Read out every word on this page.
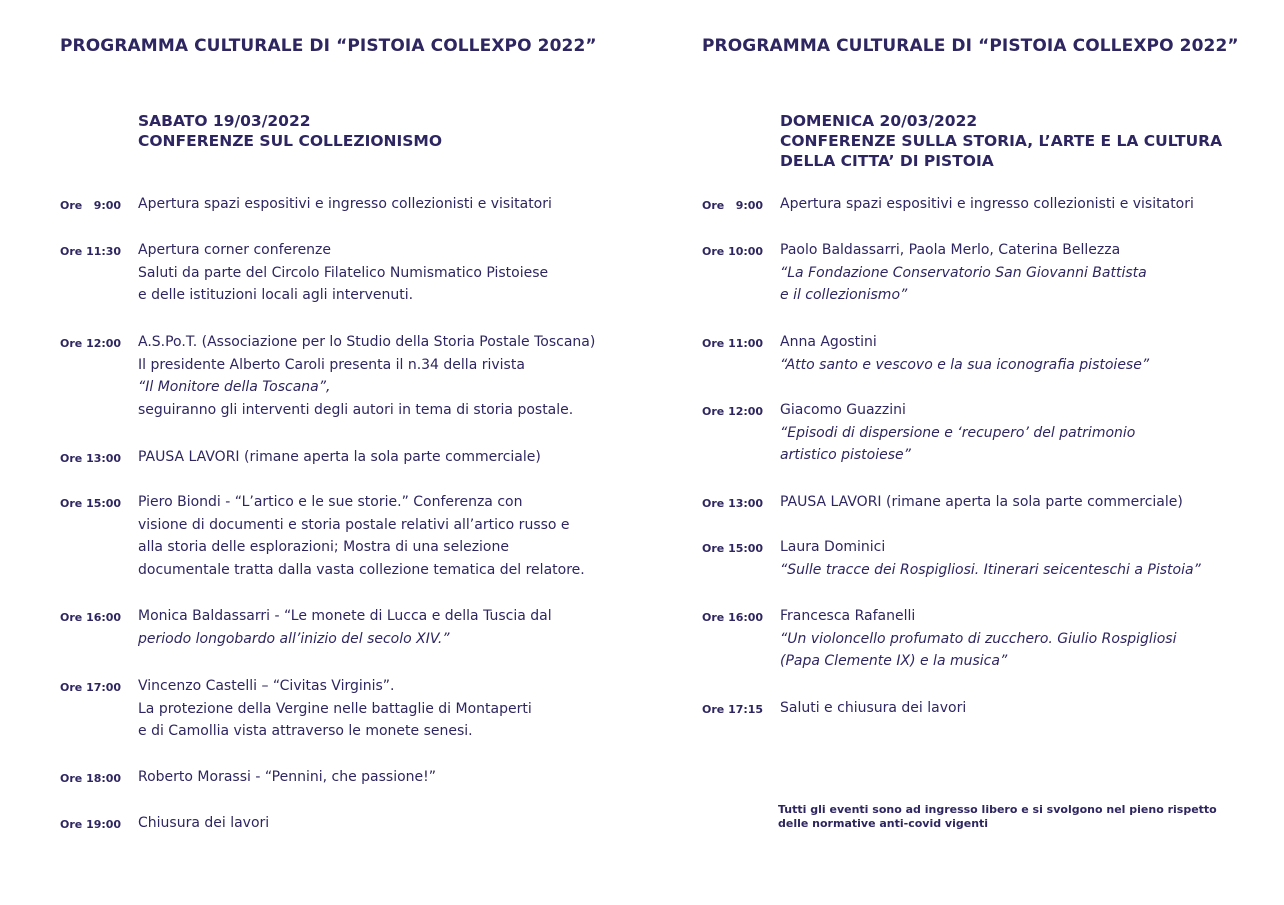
PROGRAMMA CULTURALE DI “PISTOIA COLLEXPO 2022”
SABATO 19/03/2022
CONFERENZE SUL COLLEZIONISMO
Ore   9:00 Apertura spazi espositivi e ingresso collezionisti e visitatori
Ore 11:30 Apertura corner conferenze
Saluti da parte del Circolo Filatelico Numismatico Pistoiese
e delle istituzioni locali agli intervenuti.
Ore 12:00 A.S.Po.T. (Associazione per lo Studio della Storia Postale Toscana)
Il presidente Alberto Caroli presenta il n.34 della rivista
“Il Monitore della Toscana”,
seguiranno gli interventi degli autori in tema di storia postale.
Ore 13:00 PAUSA LAVORI (rimane aperta la sola parte commerciale)
Ore 15:00 Piero Biondi - “L’artico e le sue storie.” Conferenza con
visione di documenti e storia postale relativi all’artico russo e
alla storia delle esplorazioni; Mostra di una selezione
documentale tratta dalla vasta collezione tematica del relatore.
Ore 16:00 Monica Baldassarri - “Le monete di Lucca e della Tuscia dal
periodo longobardo all’inizio del secolo XIV.”
Ore 17:00 Vincenzo Castelli – “Civitas Virginis”.
La protezione della Vergine nelle battaglie di Montaperti
e di Camollia vista attraverso le monete senesi.
Ore 18:00 Roberto Morassi - “Pennini, che passione!”
Ore 19:00 Chiusura dei lavori
PROGRAMMA CULTURALE DI “PISTOIA COLLEXPO 2022”
DOMENICA 20/03/2022
CONFERENZE SULLA STORIA, L’ARTE E LA CULTURA
DELLA CITTA’ DI PISTOIA
Ore   9:00 Apertura spazi espositivi e ingresso collezionisti e visitatori
Ore 10:00 Paolo Baldassarri, Paola Merlo, Caterina Bellezza
“La Fondazione Conservatorio San Giovanni Battista
e il collezionismo”
Ore 11:00 Anna Agostini
“Atto santo e vescovo e la sua iconografia pistoiese”
Ore 12:00 Giacomo Guazzini
“Episodi di dispersione e ‘recupero’ del patrimonio
artistico pistoiese”
Ore 13:00 PAUSA LAVORI (rimane aperta la sola parte commerciale)
Ore 15:00 Laura Dominici
“Sulle tracce dei Rospigliosi. Itinerari seicenteschi a Pistoia”
Ore 16:00 Francesca Rafanelli
“Un violoncello profumato di zucchero. Giulio Rospigliosi
(Papa Clemente IX) e la musica”
Ore 17:15 Saluti e chiusura dei lavori
Tutti gli eventi sono ad ingresso libero e si svolgono nel pieno rispetto
delle normative anti-covid vigenti
